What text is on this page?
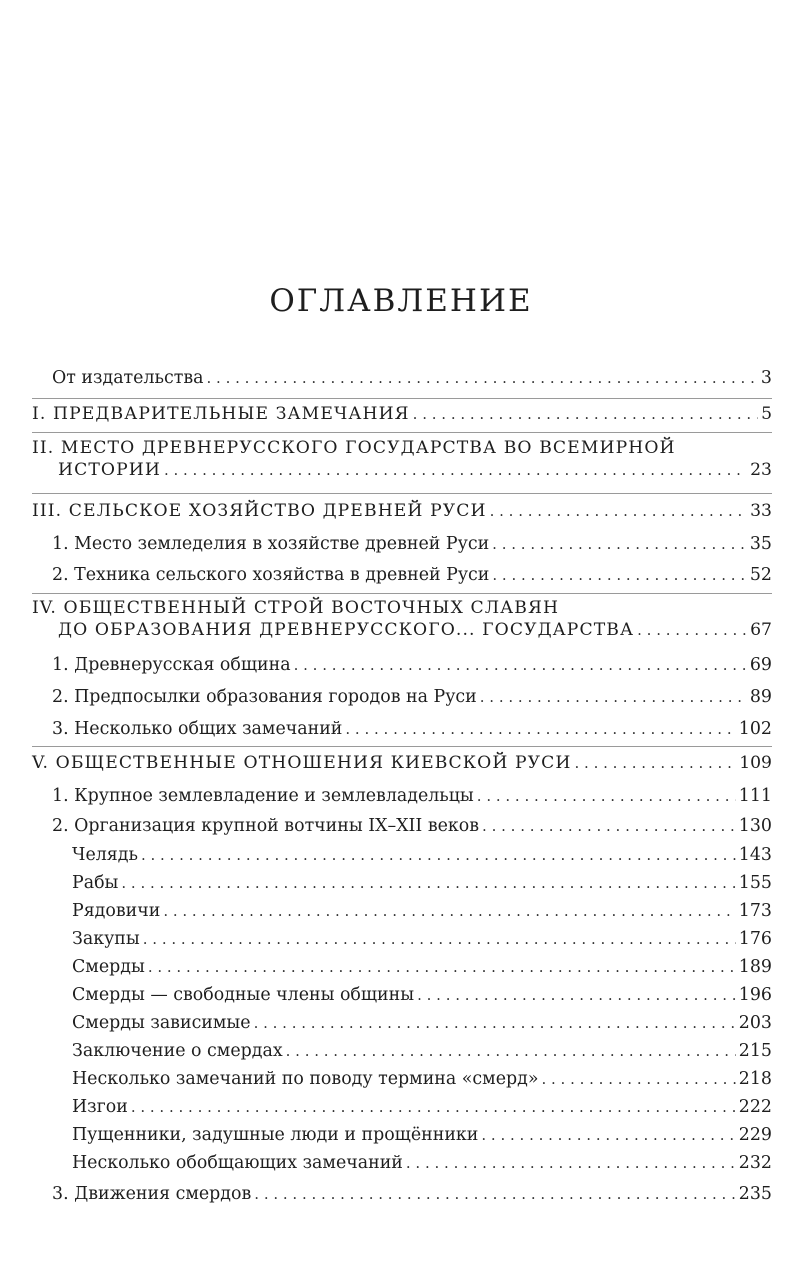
ОГЛАВЛЕНИЕ
От издательства . . .	3
I. ПРЕДВАРИТЕЛЬНЫЕ ЗАМЕЧАНИЯ . . .	5
II. МЕСТО ДРЕВНЕРУССКОГО ГОСУДАРСТВА ВО ВСЕМИРНОЙ
ИСТОРИИ . . .	23
III. СЕЛЬСКОЕ ХОЗЯЙСТВО ДРЕВНЕЙ РУСИ . . .	33
1. Место земледелия в хозяйстве древней Руси . . .	35
2. Техника сельского хозяйства в древней Руси . . .	52
IV. ОБЩЕСТВЕННЫЙ СТРОЙ ВОСТОЧНЫХ СЛАВЯН
ДО ОБРАЗОВАНИЯ ДРЕВНЕРУССКОГО... ГОСУДАРСТВА . . .	67
1. Древнерусская община . . .	69
2. Предпосылки образования городов на Руси . . .	89
3. Несколько общих замечаний . . .	102
V. ОБЩЕСТВЕННЫЕ ОТНОШЕНИЯ КИЕВСКОЙ РУСИ . . .	109
1. Крупное землевладение и землевладельцы . . .	111
2. Организация крупной вотчины IX–XII веков . . .	130
Челядь . . .	143
Рабы . . .	155
Рядовичи . . .	173
Закупы . . .	176
Смерды . . .	189
Смерды — свободные члены общины . . .	196
Смерды зависимые . . .	203
Заключение о смердах . . .	215
Несколько замечаний по поводу термина «смерд» . . .	218
Изгои . . .	222
Пущенники, задушные люди и прощённики . . .	229
Несколько обобщающих замечаний . . .	232
3. Движения смердов . . .	235
